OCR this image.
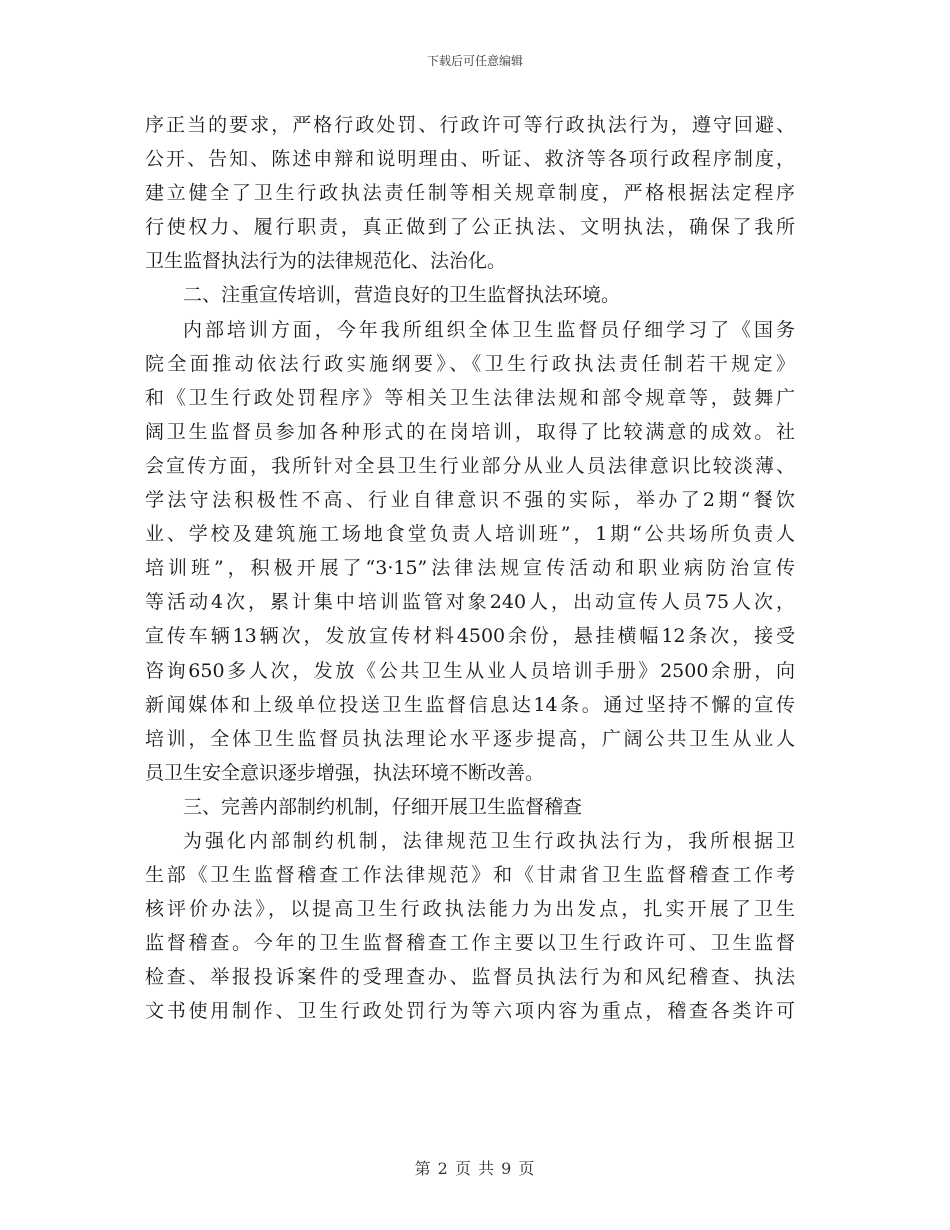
下载后可任意编辑
序正当的要求，严格行政处罚、行政许可等行政执法行为，遵守回避、
公开、告知、陈述申辩和说明理由、听证、救济等各项行政程序制度，
建立健全了卫生行政执法责任制等相关规章制度，严格根据法定程序
行使权力、履行职责，真正做到了公正执法、文明执法，确保了我所
卫生监督执法行为的法律规范化、法治化。
二、注重宣传培训，营造良好的卫生监督执法环境。
内部培训方面，今年我所组织全体卫生监督员仔细学习了《国务
院全面推动依法行政实施纲要》、《卫生行政执法责任制若干规定》
和《卫生行政处罚程序》等相关卫生法律法规和部令规章等，鼓舞广
阔卫生监督员参加各种形式的在岗培训，取得了比较满意的成效。社
会宣传方面，我所针对全县卫生行业部分从业人员法律意识比较淡薄、
学法守法积极性不高、行业自律意识不强的实际，举办了2期“餐饮
业、学校及建筑施工场地食堂负责人培训班”，1期“公共场所负责人
培训班”，积极开展了“3·15”法律法规宣传活动和职业病防治宣传
等活动4次，累计集中培训监管对象240人，出动宣传人员75人次，
宣传车辆13辆次，发放宣传材料4500余份，悬挂横幅12条次，接受
咨询650多人次，发放《公共卫生从业人员培训手册》2500余册，向
新闻媒体和上级单位投送卫生监督信息达14条。通过坚持不懈的宣传
培训，全体卫生监督员执法理论水平逐步提高，广阔公共卫生从业人
员卫生安全意识逐步增强，执法环境不断改善。
三、完善内部制约机制，仔细开展卫生监督稽查
为强化内部制约机制，法律规范卫生行政执法行为，我所根据卫
生部《卫生监督稽查工作法律规范》和《甘肃省卫生监督稽查工作考
核评价办法》，以提高卫生行政执法能力为出发点，扎实开展了卫生
监督稽查。今年的卫生监督稽查工作主要以卫生行政许可、卫生监督
检查、举报投诉案件的受理查办、监督员执法行为和风纪稽查、执法
文书使用制作、卫生行政处罚行为等六项内容为重点，稽查各类许可
第 2 页 共 9 页
